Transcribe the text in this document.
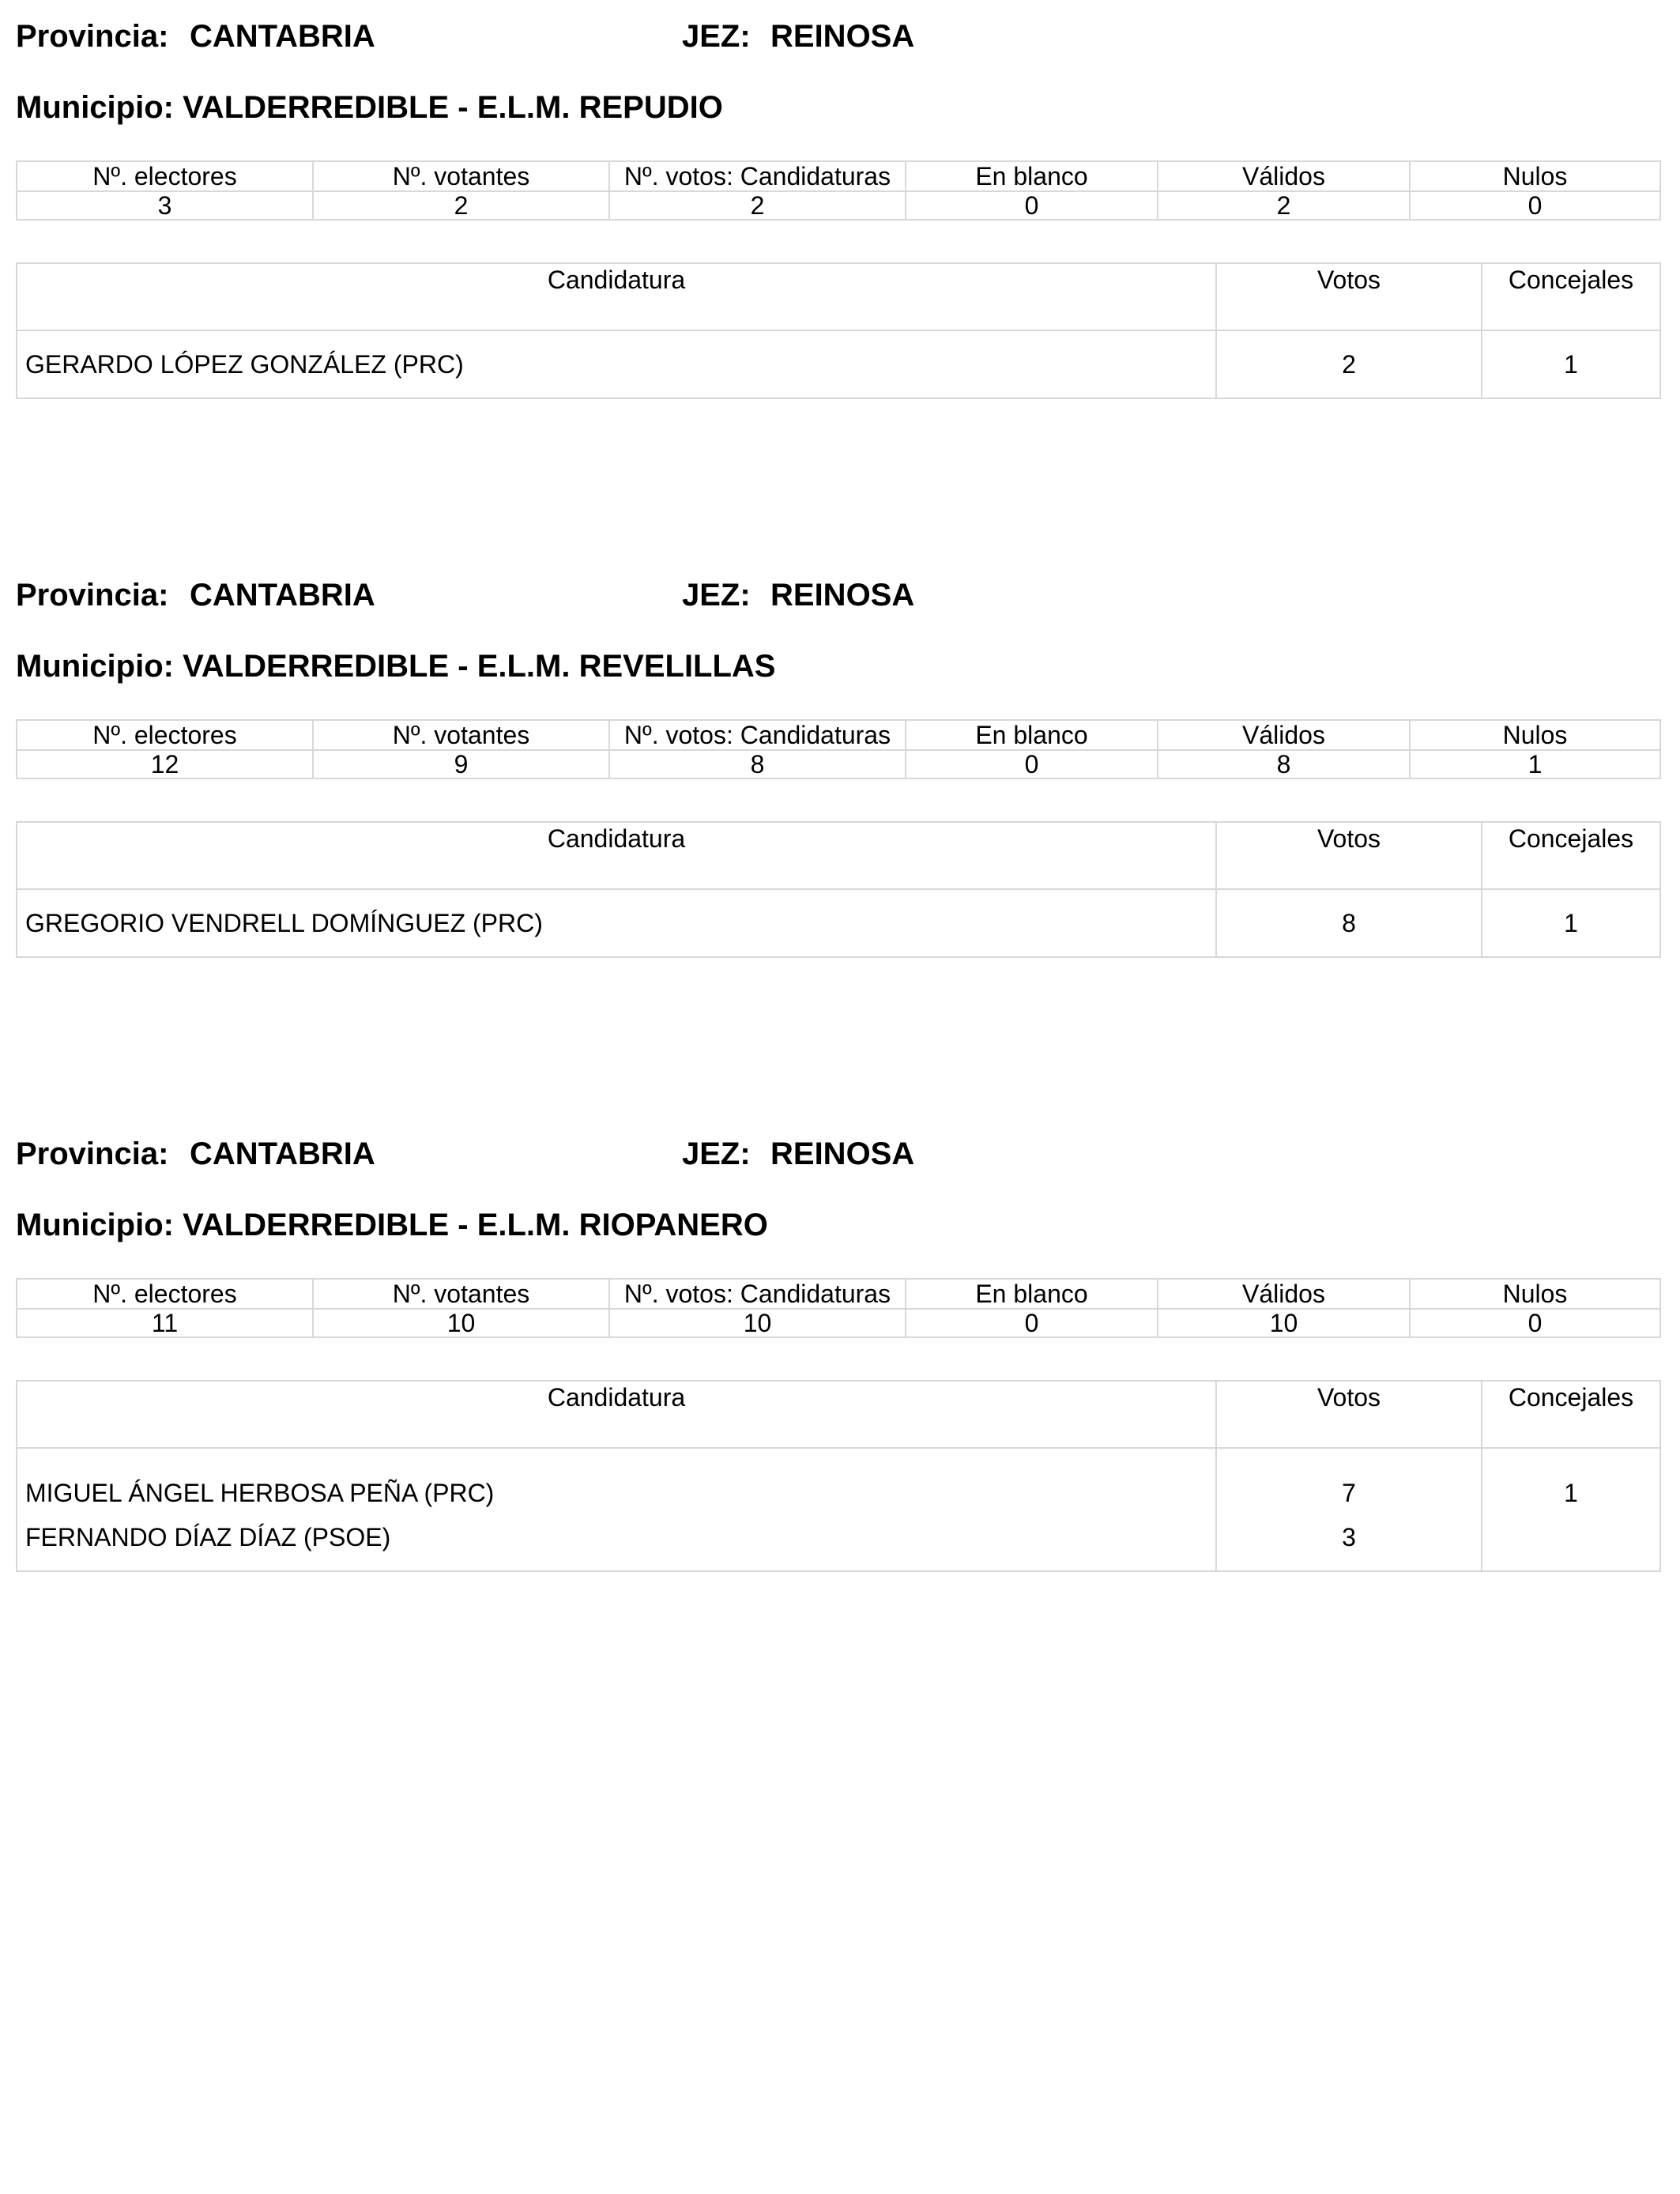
Provincia: CANTABRIA	JEZ: REINOSA
Municipio: VALDERREDIBLE - E.L.M. REPUDIO
Nº. electores	Nº. votantes	Nº. votos: Candidaturas	En blanco	Válidos	Nulos
3	2	2	0	2	0
Candidatura	Votos	Concejales
GERARDO LÓPEZ GONZÁLEZ (PRC)	2	1
Provincia: CANTABRIA	JEZ: REINOSA
Municipio: VALDERREDIBLE - E.L.M. REVELILLAS
Nº. electores	Nº. votantes	Nº. votos: Candidaturas	En blanco	Válidos	Nulos
12	9	8	0	8	1
Candidatura	Votos	Concejales
GREGORIO VENDRELL DOMÍNGUEZ (PRC)	8	1
Provincia: CANTABRIA	JEZ: REINOSA
Municipio: VALDERREDIBLE - E.L.M. RIOPANERO
Nº. electores	Nº. votantes	Nº. votos: Candidaturas	En blanco	Válidos	Nulos
11	10	10	0	10	0
Candidatura	Votos	Concejales
MIGUEL ÁNGEL HERBOSA PEÑA (PRC)	7	1
FERNANDO DÍAZ DÍAZ (PSOE)	3	
